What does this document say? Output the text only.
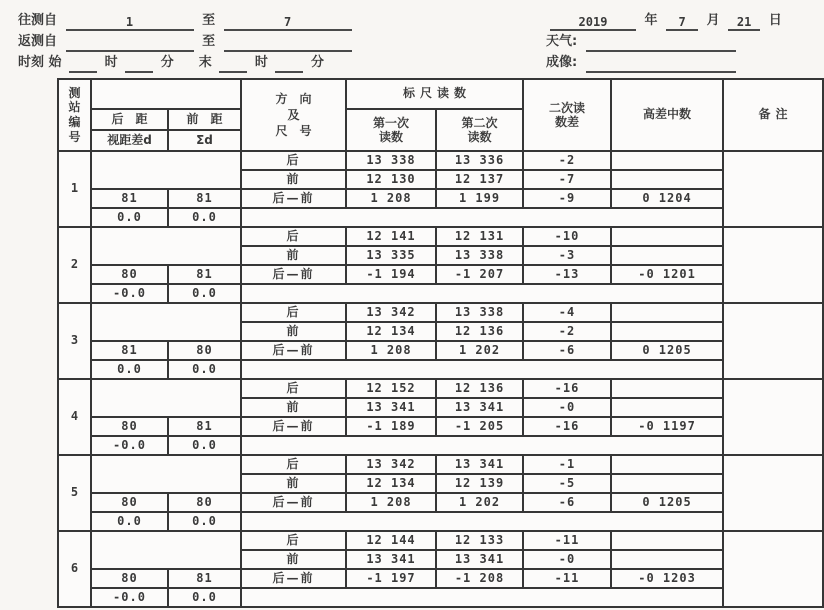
往测自	1	至	7
返测自	至
时刻 始	时	分 末	时	分
2019	年 7 月 21 日
天气:
成像:
测站编号

方　向
及
尺　号
	标尺读数	
二次读
数差
	高差中数	备注
后　距	前　距	第一次
读数

第二次
读数

	视距差d	Σd						
1			后	13 338	13 336	-2		
			前	12 130	12 137	-7		
	81	81	后—前	1 208	1 199	-9	0 1204	
	0.0	0.0						
2			后	12 141	12 131	-10		
			前	13 335	13 338	-3		
	80	81	后—前	-1 194	-1 207	-13	-0 1201	
	-0.0	0.0						
3			后	13 342	13 338	-4		
			前	12 134	12 136	-2		
	81	80	后—前	1 208	1 202	-6	0 1205	
	0.0	0.0						
4			后	12 152	12 136	-16		
			前	13 341	13 341	-0		
	80	81	后—前	-1 189	-1 205	-16	-0 1197	
	-0.0	0.0						
5			后	13 342	13 341	-1		
			前	12 134	12 139	-5		
	80	80	后—前	1 208	1 202	-6	0 1205	
	0.0	0.0						
6			后	12 144	12 133	-11		
			前	13 341	13 341	-0		
	80	81	后—前	-1 197	-1 208	-11	-0 1203	
	-0.0	0.0						
